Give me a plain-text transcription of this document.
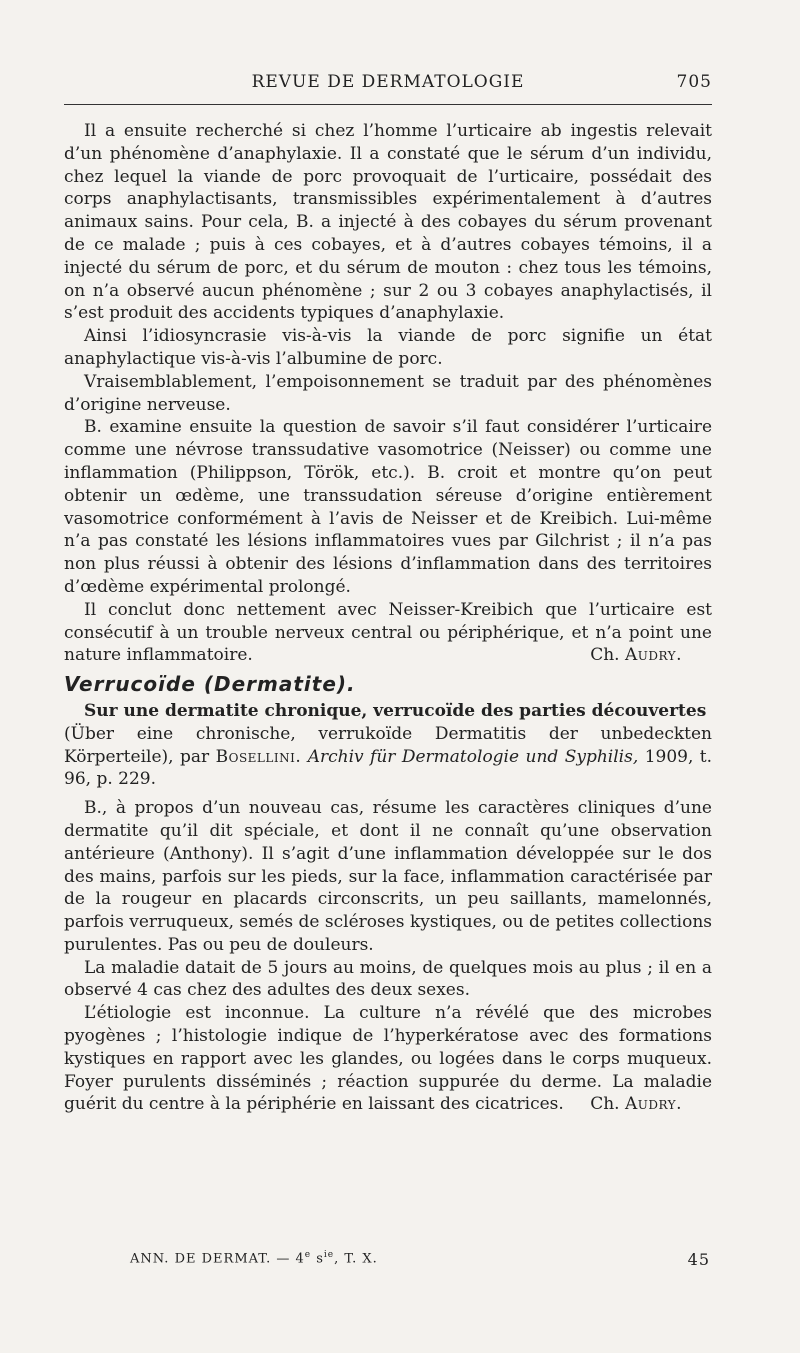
REVUE DE DERMATOLOGIE	705

Il a ensuite recherché si chez l’homme l’urticaire ab ingestis relevait d’un phénomène d’anaphylaxie. Il a constaté que le sérum d’un individu, chez lequel la viande de porc provoquait de l’urticaire, possédait des corps anaphylactisants, transmissibles expérimentalement à d’autres animaux sains. Pour cela, B. a injecté à des cobayes du sérum provenant de ce malade ; puis à ces cobayes, et à d’autres cobayes témoins, il a injecté du sérum de porc, et du sérum de mouton : chez tous les témoins, on n’a observé aucun phénomène ; sur 2 ou 3 cobayes anaphylactisés, il s’est produit des accidents typiques d’anaphylaxie.

Ainsi l’idiosyncrasie vis-à-vis la viande de porc signifie un état anaphylactique vis-à-vis l’albumine de porc.

Vraisemblablement, l’empoisonnement se traduit par des phénomènes d’origine nerveuse.

B. examine ensuite la question de savoir s’il faut considérer l’urticaire comme une névrose transsudative vasomotrice (Neisser) ou comme une inflammation (Philippson, Török, etc.). B. croit et montre qu’on peut obtenir un œdème, une transsudation séreuse d’origine entièrement vasomotrice conformément à l’avis de Neisser et de Kreibich. Lui-même n’a pas constaté les lésions inflammatoires vues par Gilchrist ; il n’a pas non plus réussi à obtenir des lésions d’inflammation dans des territoires d’œdème expérimental prolongé.

Il conclut donc nettement avec Neisser-Kreibich que l’urticaire est consécutif à un trouble nerveux central ou périphérique, et n’a point une nature inflammatoire.	Ch. Audry.

Verrucoïde (Dermatite).

Sur une dermatite chronique, verrucoïde des parties découvertes

(Über eine chronische, verrukoïde Dermatitis der unbedeckten Körperteile), par Bosellini. Archiv für Dermatologie und Syphilis, 1909, t. 96, p. 229.

B., à propos d’un nouveau cas, résume les caractères cliniques d’une dermatite qu’il dit spéciale, et dont il ne connaît qu’une observation antérieure (Anthony). Il s’agit d’une inflammation développée sur le dos des mains, parfois sur les pieds, sur la face, inflammation caractérisée par de la rougeur en placards circonscrits, un peu saillants, mamelonnés, parfois verruqueux, semés de scléroses kystiques, ou de petites collections purulentes. Pas ou peu de douleurs.

La maladie datait de 5 jours au moins, de quelques mois au plus ; il en a observé 4 cas chez des adultes des deux sexes.

L’étiologie est inconnue. La culture n’a révélé que des microbes pyogènes ; l’histologie indique de l’hyperkératose avec des formations kystiques en rapport avec les glandes, ou logées dans le corps muqueux. Foyer purulents disséminés ; réaction suppurée du derme. La maladie guérit du centre à la périphérie en laissant des cicatrices.	Ch. Audry.

ANN. DE DERMAT. — 4e $s^{ie}$, T. X.	45
